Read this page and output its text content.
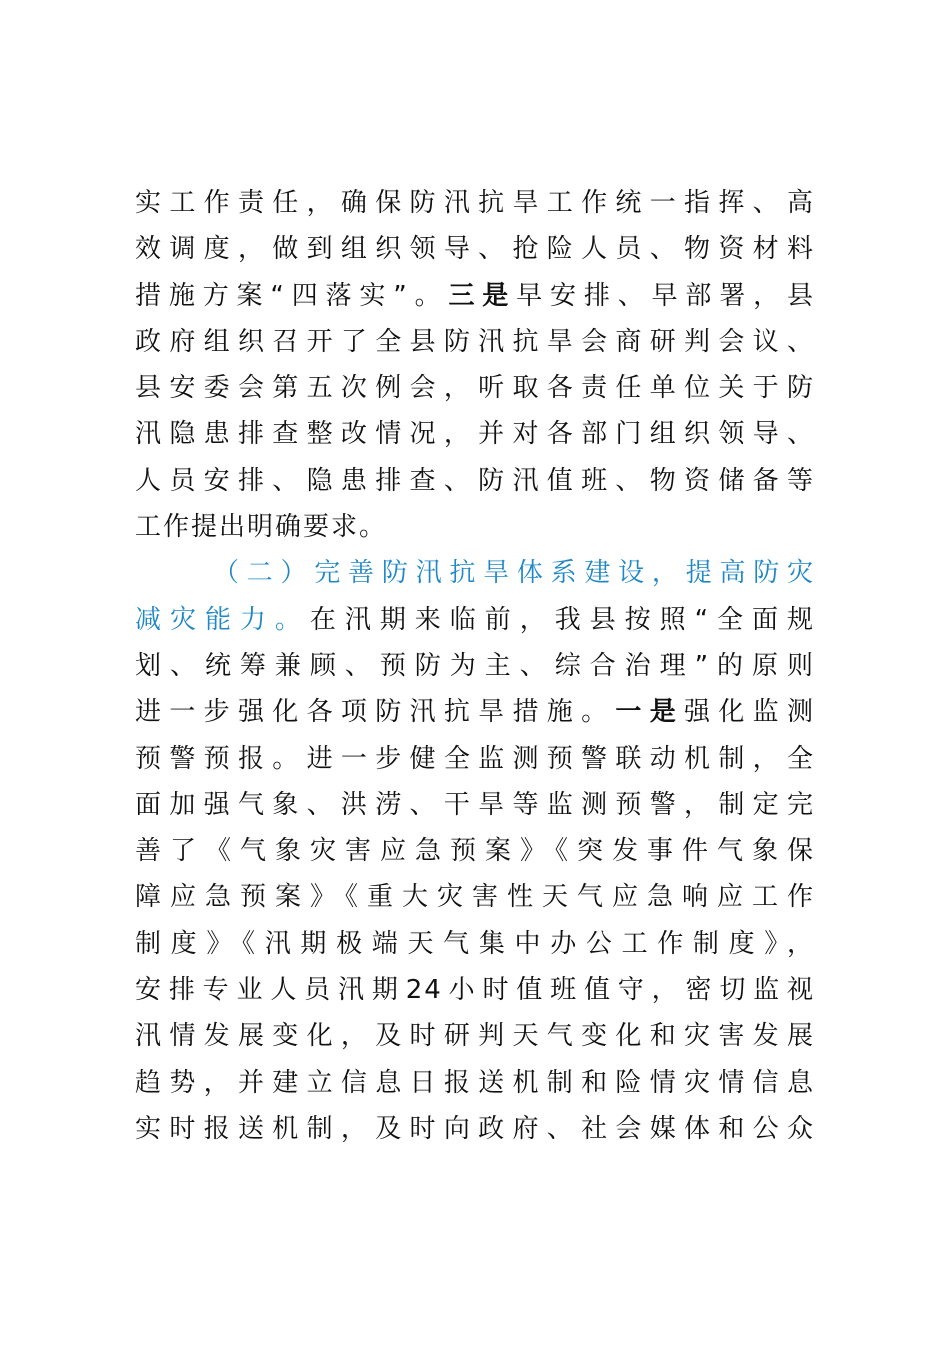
实工作责任，确保防汛抗旱工作统一指挥、高
效调度，做到组织领导、抢险人员、物资材料
措施方案“四落实”。三是早安排、早部署，县
政府组织召开了全县防汛抗旱会商研判会议、
县安委会第五次例会，听取各责任单位关于防
汛隐患排查整改情况，并对各部门组织领导、
人员安排、隐患排查、防汛值班、物资储备等
工作提出明确要求。
（二）完善防汛抗旱体系建设，提高防灾
减灾能力。在汛期来临前，我县按照“全面规
划、统筹兼顾、预防为主、综合治理”的原则
进一步强化各项防汛抗旱措施。一是强化监测
预警预报。进一步健全监测预警联动机制，全
面加强气象、洪涝、干旱等监测预警，制定完
善了《气象灾害应急预案》《突发事件气象保
障应急预案》《重大灾害性天气应急响应工作
制度》《汛期极端天气集中办公工作制度》，
安排专业人员汛期24小时值班值守，密切监视
汛情发展变化，及时研判天气变化和灾害发展
趋势，并建立信息日报送机制和险情灾情信息
实时报送机制，及时向政府、社会媒体和公众
